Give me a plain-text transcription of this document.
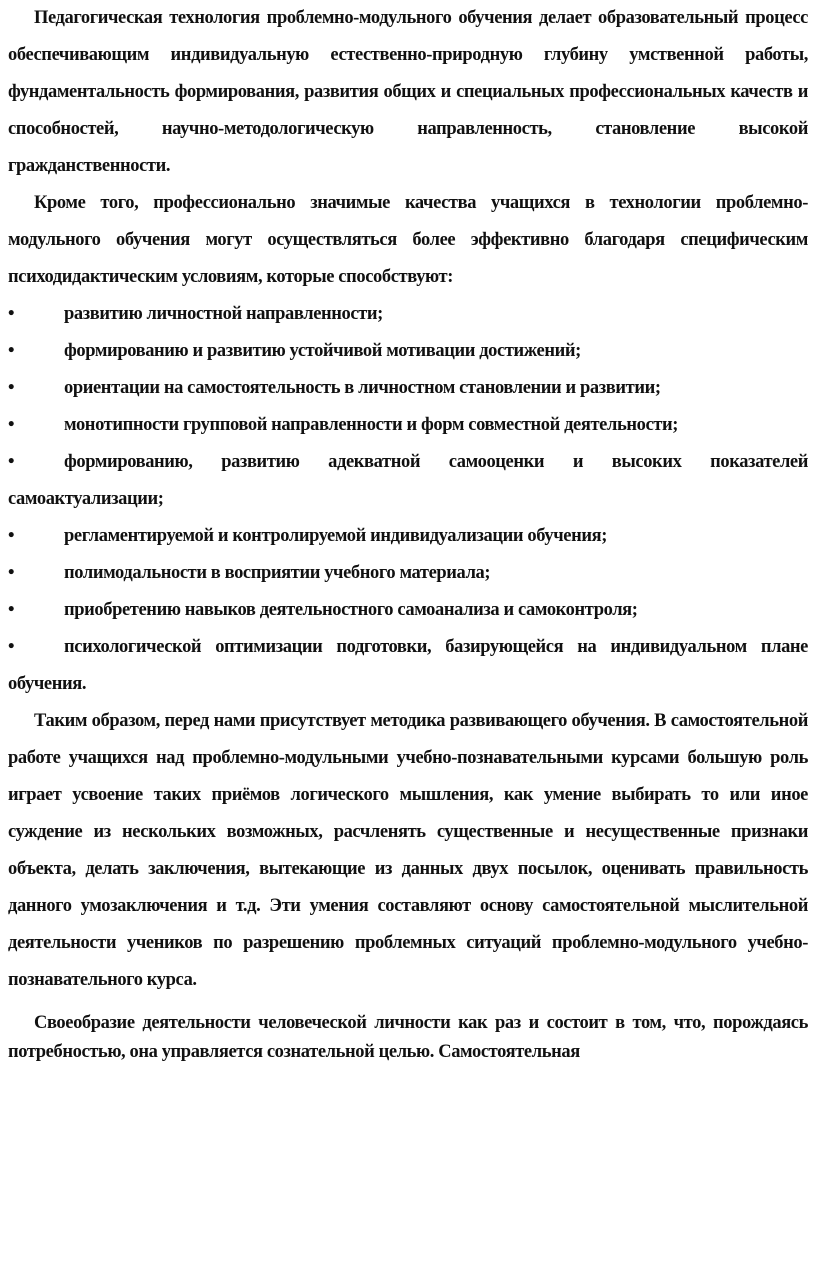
Педагогическая технология проблемно-модульного обучения делает образовательный процесс обеспечивающим индивидуальную естественно-природную глубину умственной работы, фундаментальность формирования, развития общих и специальных профессиональных качеств и способностей, научно-методологическую направленность, становление высокой гражданственности.

Кроме того, профессионально значимые качества учащихся в технологии проблемно-модульного обучения могут осуществляться более эффективно благодаря специфическим психодидактическим условиям, которые способствуют:

•	развитию личностной направленности;

•	формированию и развитию устойчивой мотивации достижений;

•	ориентации на самостоятельность в личностном становлении и развитии;

•	монотипности групповой направленности и форм совместной деятельности;

•	формированию, развитию адекватной самооценки и высоких показателей самоактуализации;

•	регламентируемой и контролируемой индивидуализации обучения;

•	полимодальности в восприятии учебного материала;

•	приобретению навыков деятельностного самоанализа и самоконтроля;

•	психологической оптимизации подготовки, базирующейся на индивидуальном плане обучения.

Таким образом, перед нами присутствует методика развивающего обучения. В самостоятельной работе учащихся над проблемно-модульными учебно-познавательными курсами большую роль играет усвоение таких приёмов логического мышления, как умение выбирать то или иное суждение из нескольких возможных, расчленять существенные и несущественные признаки объекта, делать заключения, вытекающие из данных двух посылок, оценивать правильность данного умозаключения и т.д. Эти умения составляют основу самостоятельной мыслительной деятельности учеников по разрешению проблемных ситуаций проблемно-модульного учебно-познавательного курса.

Своеобразие деятельности человеческой личности как раз и состоит в том, что, порождаясь потребностью, она управляется сознательной целью. Самостоятельная
